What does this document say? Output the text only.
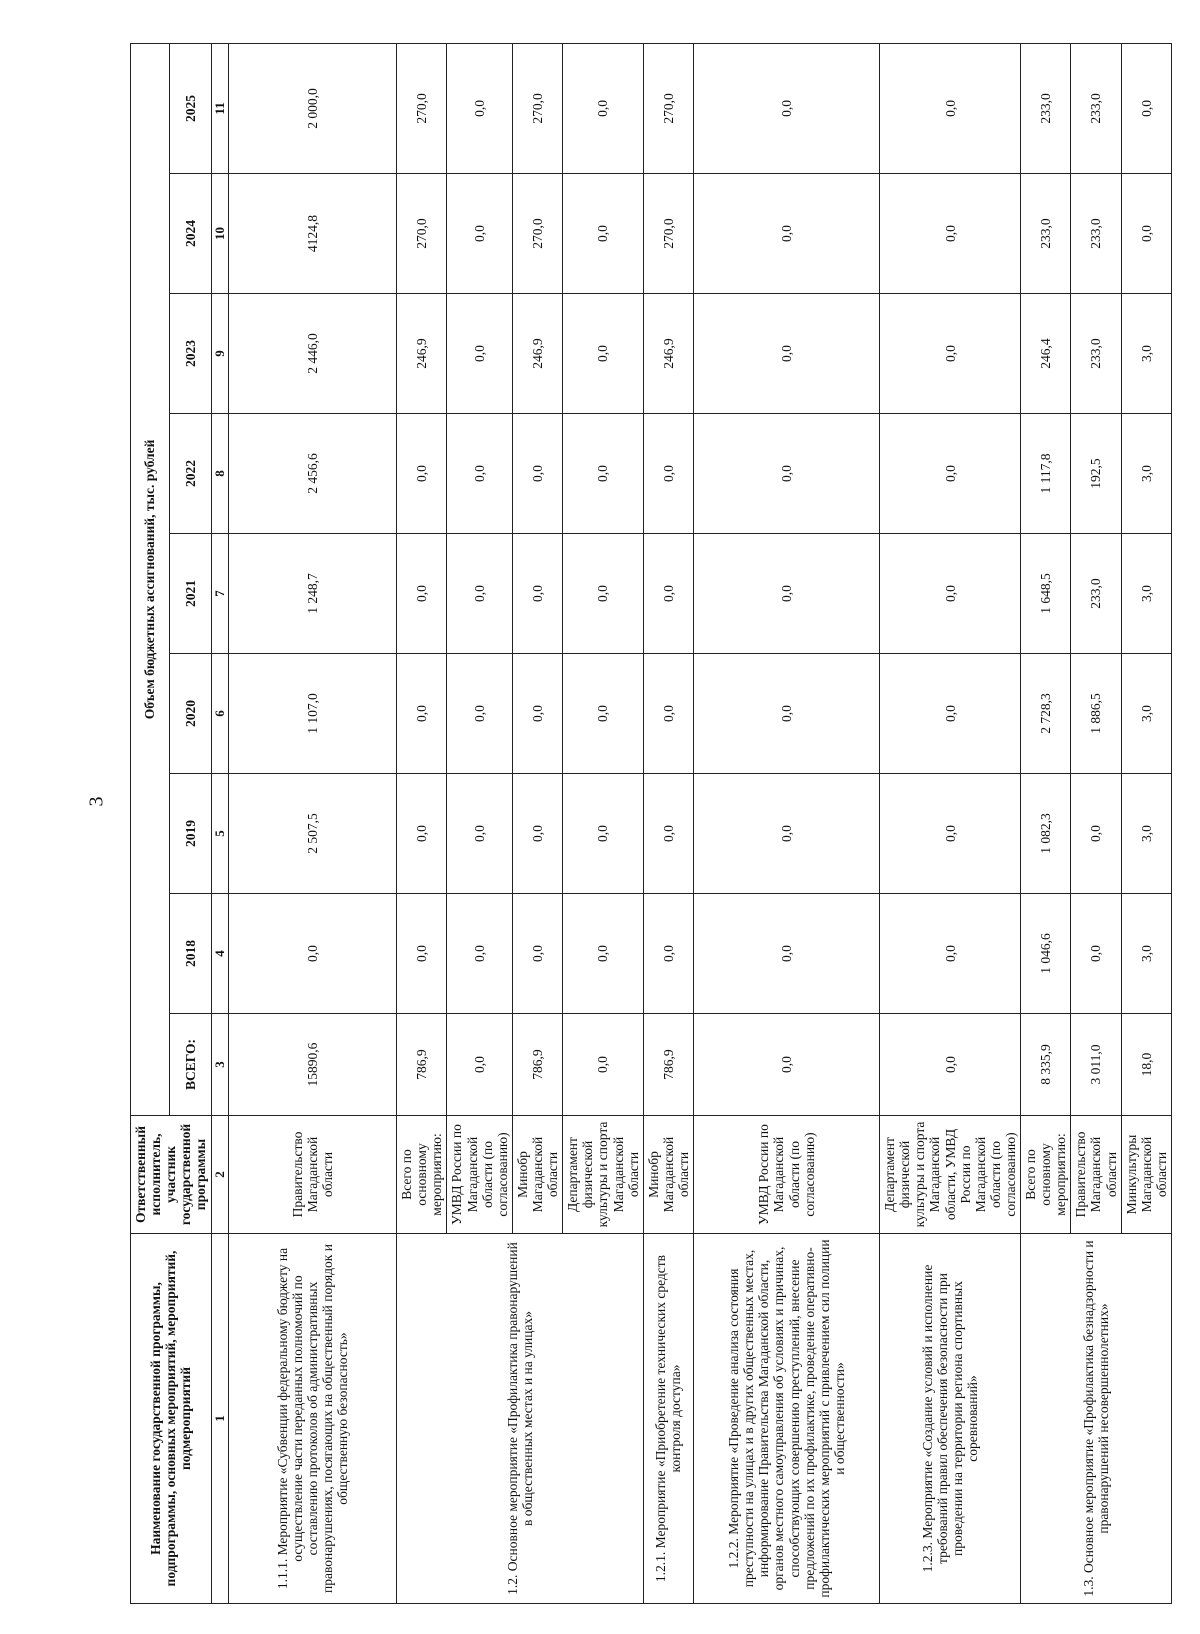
3
Наименование государственной программы, подпрограммы, основных мероприятий, мероприятий, подмероприятий	Ответственный исполнитель, участник государственной программы	Объем бюджетных ассигнований, тыс. рублей								
		ВСЕГО:	2018	2019	2020	2021	2022	2023	2024	2025
1	2	3	4	5	6	7	8	9	10	11
1.1.1. Мероприятие «Субвенции федеральному бюджету на осуществление части переданных полномочий по составлению протоколов об административных правонарушениях, посягающих на общественный порядок и общественную безопасность»	Правительство Магаданской области	15890,6	0,0	2 507,5	1 107,0	1 248,7	2 456,6	2 446,0	4124,8	2 000,0
1.2. Основное мероприятие «Профилактика правонарушений в общественных местах и на улицах»	Всего по основному мероприятию:	786,9	0,0	0,0	0,0	0,0	0,0	246,9	270,0	270,0
	УМВД России по Магаданской области (по согласованию)	0,0	0,0	0,0	0,0	0,0	0,0	0,0	0,0	0,0
	Минобр Магаданской области	786,9	0,0	0,0	0,0	0,0	0,0	246,9	270,0	270,0
	Департамент физической культуры и спорта Магаданской области	0,0	0,0	0,0	0,0	0,0	0,0	0,0	0,0	0,0
1.2.1. Мероприятие «Приобретение технических средств контроля доступа»	Минобр Магаданской области	786,9	0,0	0,0	0,0	0,0	0,0	246,9	270,0	270,0
1.2.2. Мероприятие «Проведение анализа состояния преступности на улицах и в других общественных местах, информирование Правительства Магаданской области, органов местного самоуправления об условиях и причинах, способствующих совершению преступлений, внесение предложений по их профилактике, проведение оперативно-профилактических мероприятий с привлечением сил полиции и общественности»	УМВД России по Магаданской области (по согласованию)	0,0	0,0	0,0	0,0	0,0	0,0	0,0	0,0	0,0
1.2.3. Мероприятие «Создание условий и исполнение требований правил обеспечения безопасности при проведении на территории региона спортивных соревнований»	Департамент физической культуры и спорта Магаданской области, УМВД России по Магаданской области (по согласованию)	0,0	0,0	0,0	0,0	0,0	0,0	0,0	0,0	0,0
1.3. Основное мероприятие «Профилактика безнадзорности и правонарушений несовершеннолетних»	Всего по основному мероприятию:	8 335,9	1 046,6	1 082,3	2 728,3	1 648,5	1 117,8	246,4	233,0	233,0
	Правительство Магаданской области	3 011,0	0,0	0,0	1 886,5	233,0	192,5	233,0	233,0	233,0
	Минкультуры Магаданской области	18,0	3,0	3,0	3,0	3,0	3,0	3,0	0,0	0,0
